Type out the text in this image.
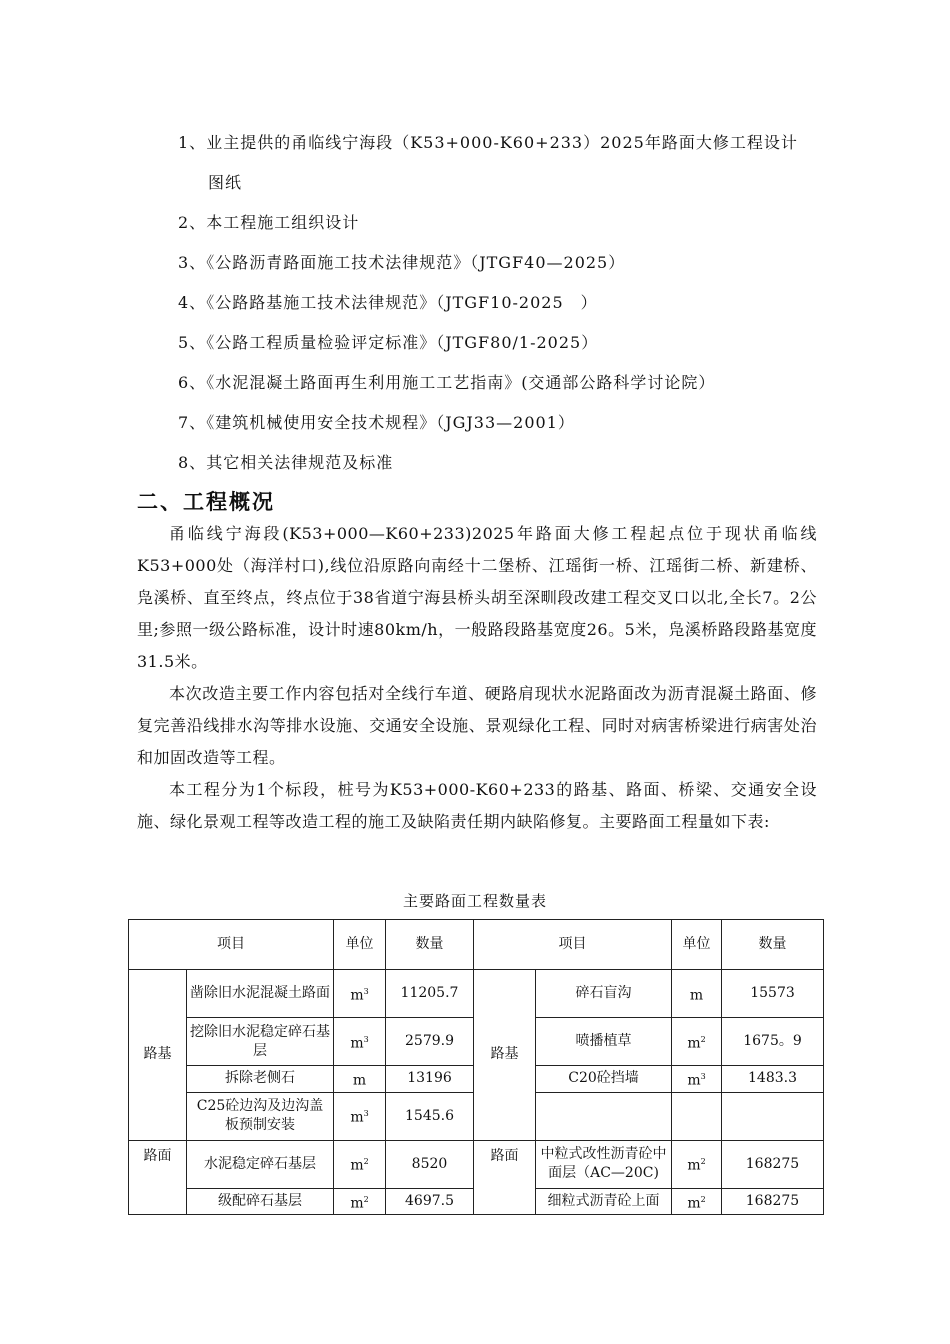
1、业主提供的甬临线宁海段（K53+000-K60+233）2025年路面大修工程设计
图纸
2、本工程施工组织设计
3、《公路沥青路面施工技术法律规范》（JTGF40—2025）
4、《公路路基施工技术法律规范》（JTGF10-2025　）
5、《公路工程质量检验评定标准》（JTGF80/1-2025）
6、《水泥混凝土路面再生利用施工工艺指南》(交通部公路科学讨论院）
7、《建筑机械使用安全技术规程》（JGJ33—2001）
8、其它相关法律规范及标准
二、工程概况

甬临线宁海段(K53+000—K60+233)2025年路面大修工程起点位于现状甬临线K53+000处（海洋村口),线位沿原路向南经十二堡桥、江瑶街一桥、江瑶街二桥、新建桥、凫溪桥、直至终点，终点位于38省道宁海县桥头胡至深甽段改建工程交叉口以北,全长7。2公里;参照一级公路标准，设计时速80km/h，一般路段路基宽度26。5米，凫溪桥路段路基宽度31.5米。

本次改造主要工作内容包括对全线行车道、硬路肩现状水泥路面改为沥青混凝土路面、修复完善沿线排水沟等排水设施、交通安全设施、景观绿化工程、同时对病害桥梁进行病害处治和加固改造等工程。

本工程分为1个标段，桩号为K53+000-K60+233的路基、路面、桥梁、交通安全设施、绿化景观工程等改造工程的施工及缺陷责任期内缺陷修复。主要路面工程量如下表:

主要路面工程数量表
项目		单位	数量	项目		单位	数量
路基	凿除旧水泥混凝土路面	$m^3$	11205.7	路基	碎石盲沟	m	15573
	挖除旧水泥稳定碎石基层	$m^3$	2579.9		喷播植草	$m^2$	1675。9
	拆除老侧石	m	13196		C20砼挡墙	$m^3$	1483.3
	C25砼边沟及边沟盖板预制安装	$m^3$	1545.6				
路面	水泥稳定碎石基层	$m^2$	8520	路面	中粒式改性沥青砼中面层（AC—20C)	$m^2$	168275
	级配碎石基层	$m^2$	4697.5		细粒式沥青砼上面	$m^2$	168275
